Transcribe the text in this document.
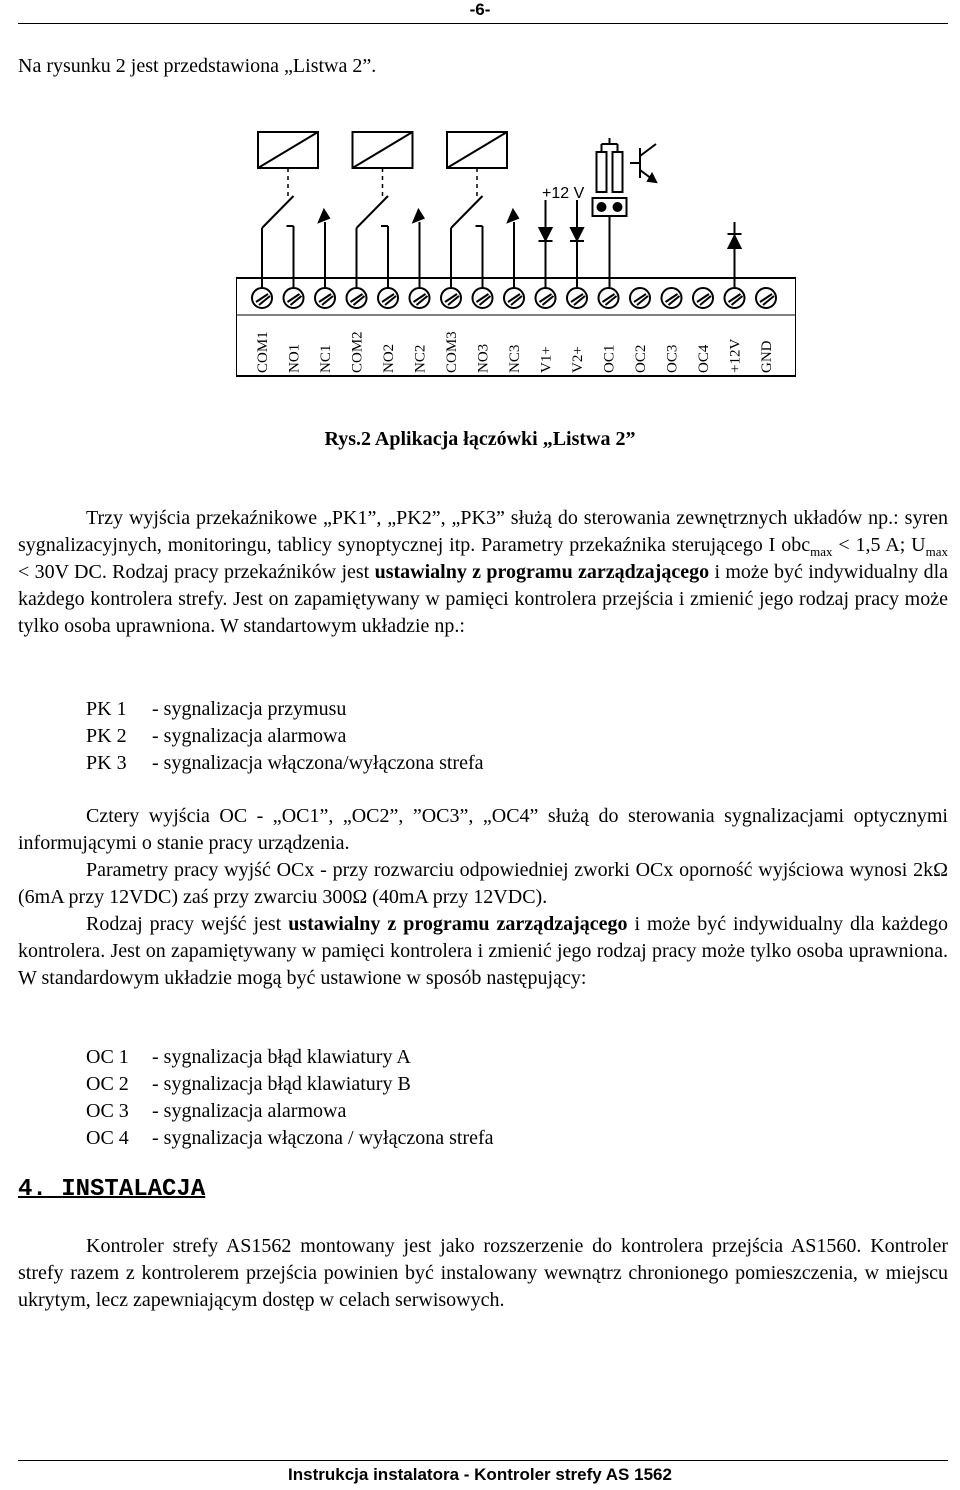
-6-
Na rysunku 2 jest przedstawiona „Listwa 2”.
+12 V
COM1 NO1 NC1 COM2 NO2 NC2 COM3 NO3 NC3 V1+ V2+ OC1 OC2 OC3 OC4 +12V GND
Rys.2 Aplikacja łączówki „Listwa 2”

Trzy wyjścia przekaźnikowe „PK1”, „PK2”, „PK3” służą do sterowania zewnętrznych układów np.: syren sygnalizacyjnych, monitoringu, tablicy synoptycznej itp. Parametry przekaźnika sterującego I obc$_{max}$ < 1,5 A; $U_{max} < 30V$ DC. Rodzaj pracy przekaźników jest ustawialny z programu zarządzającego i może być indywidualny dla każdego kontrolera strefy. Jest on zapamiętywany w pamięci kontrolera przejścia i zmienić jego rodzaj pracy może tylko osoba uprawniona. W standartowym układzie np.:

PK 1	- sygnalizacja przymusu
PK 2	- sygnalizacja alarmowa
PK 3	- sygnalizacja włączona/wyłączona strefa

Cztery wyjścia OC - „OC1”, „OC2”, ”OC3”, „OC4” służą do sterowania sygnalizacjami optycznymi informującymi o stanie pracy urządzenia.

Parametry pracy wyjść OCx - przy rozwarciu odpowiedniej zworki OCx oporność wyjściowa wynosi 2kΩ (6mA przy 12VDC) zaś przy zwarciu 300Ω (40mA przy 12VDC).

Rodzaj pracy wejść jest ustawialny z programu zarządzającego i może być indywidualny dla każdego kontrolera. Jest on zapamiętywany w pamięci kontrolera i zmienić jego rodzaj pracy może tylko osoba uprawniona. W standardowym układzie mogą być ustawione w sposób następujący:

OC 1	- sygnalizacja błąd klawiatury A
OC 2	- sygnalizacja błąd klawiatury B
OC 3	- sygnalizacja alarmowa
OC 4	- sygnalizacja włączona / wyłączona strefa
4. INSTALACJA

Kontroler strefy AS1562 montowany jest jako rozszerzenie do kontrolera przejścia AS1560. Kontroler strefy razem z kontrolerem przejścia powinien być instalowany wewnątrz chronionego pomieszczenia, w miejscu ukrytym, lecz zapewniającym dostęp w celach serwisowych.

Instrukcja instalatora - Kontroler strefy AS 1562
